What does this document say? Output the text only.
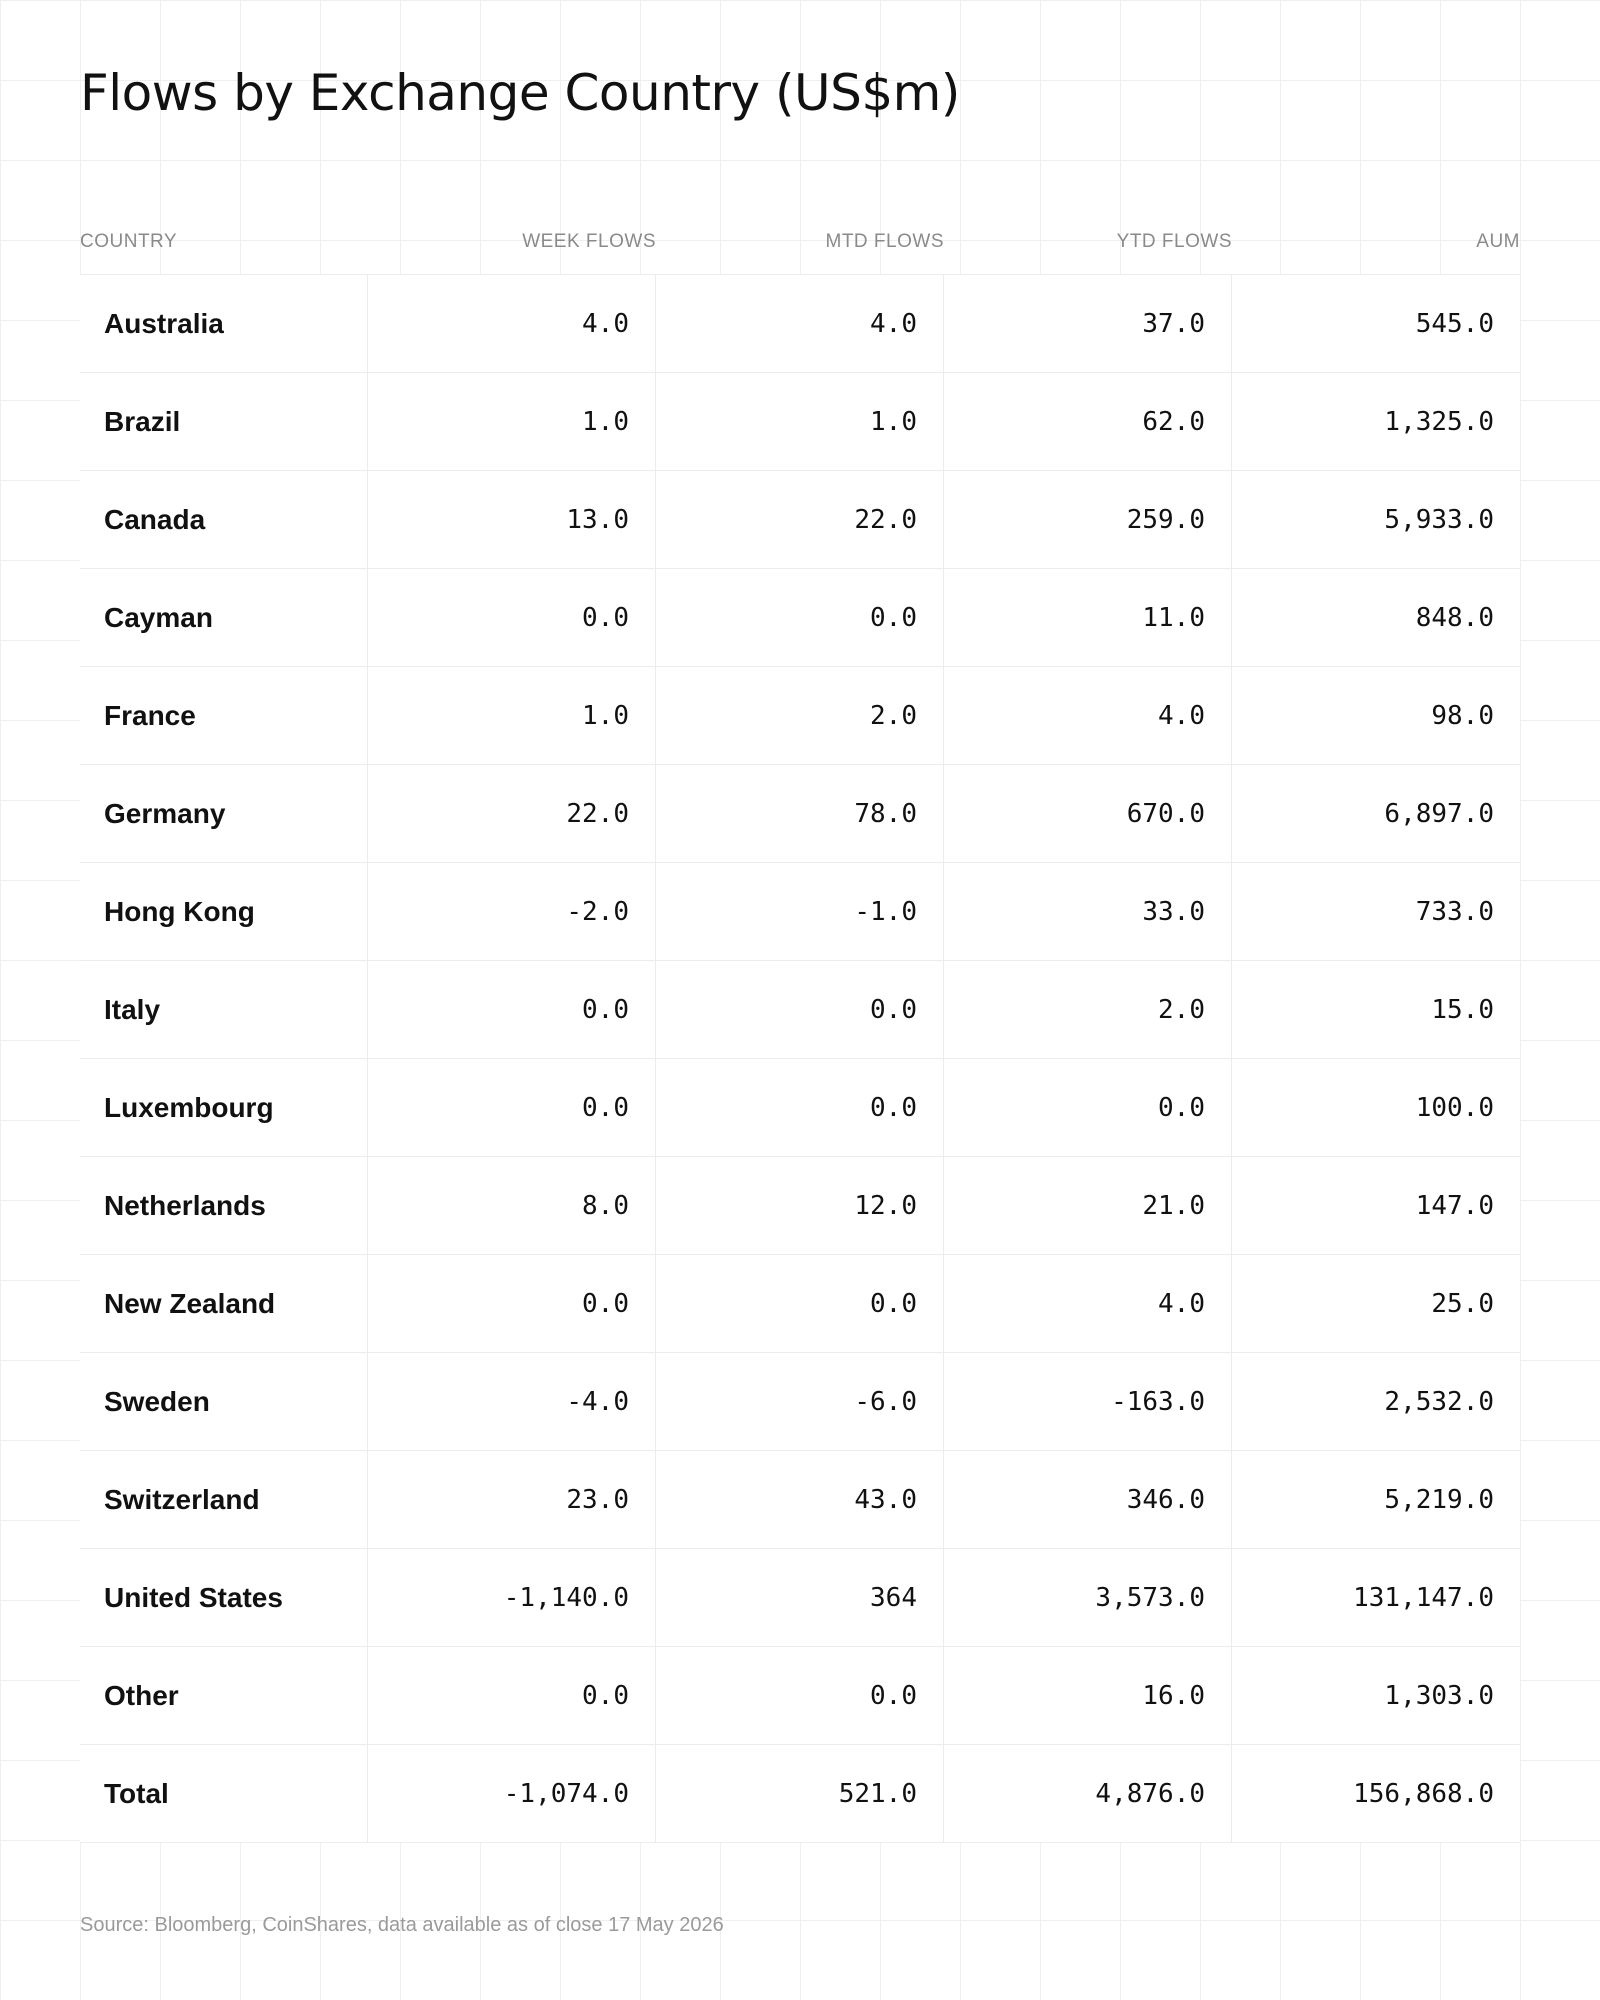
Flows by Exchange Country (US$m)
COUNTRY	WEEK FLOWS	MTD FLOWS	YTD FLOWS	AUM
Australia	4.0	4.0	37.0	545.0
Brazil	1.0	1.0	62.0	1,325.0
Canada	13.0	22.0	259.0	5,933.0
Cayman	0.0	0.0	11.0	848.0
France	1.0	2.0	4.0	98.0
Germany	22.0	78.0	670.0	6,897.0
Hong Kong	-2.0	-1.0	33.0	733.0
Italy	0.0	0.0	2.0	15.0
Luxembourg	0.0	0.0	0.0	100.0
Netherlands	8.0	12.0	21.0	147.0
New Zealand	0.0	0.0	4.0	25.0
Sweden	-4.0	-6.0	-163.0	2,532.0
Switzerland	23.0	43.0	346.0	5,219.0
United States	-1,140.0	364	3,573.0	131,147.0
Other	0.0	0.0	16.0	1,303.0
Total	-1,074.0	521.0	4,876.0	156,868.0
Source: Bloomberg, CoinShares, data available as of close 17 May 2026
